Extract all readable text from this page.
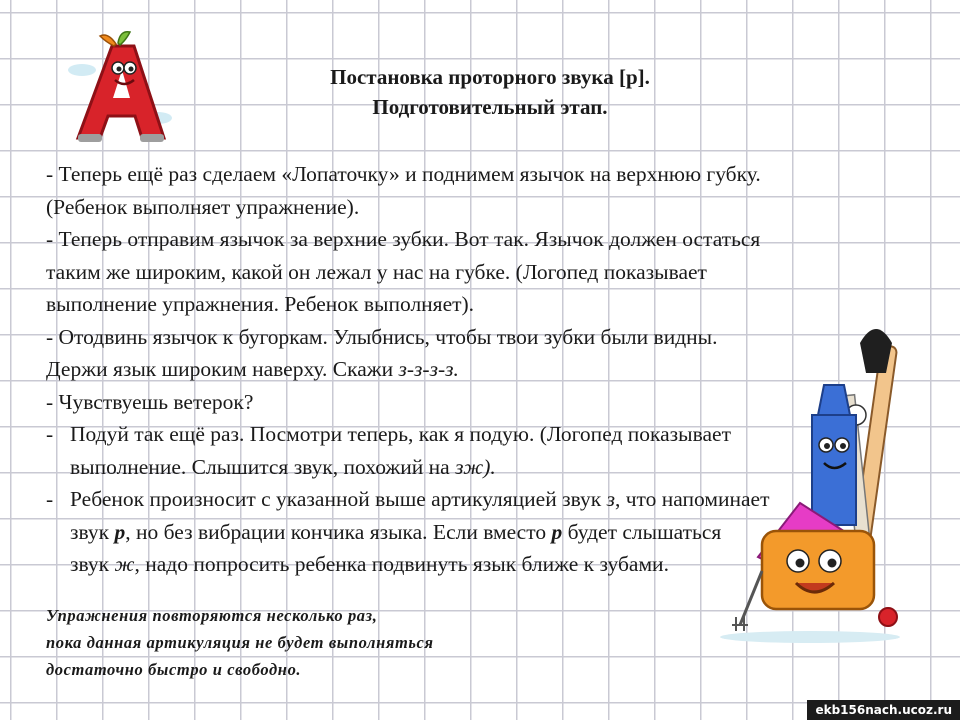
Постановка проторного звука [р].
Подготовительный этап.
- Теперь ещё раз сделаем «Лопаточку» и поднимем язычок на верхнюю губку.
(Ребенок выполняет упражнение).
- Теперь отправим язычок за верхние зубки. Вот так. Язычок должен остаться
таким же широким, какой он лежал у нас на губке. (Логопед показывает
выполнение упражнения. Ребенок выполняет).
- Отодвинь язычок к бугоркам. Улыбнись, чтобы твои зубки были видны.
Держи язык широким наверху. Скажи з-з-з-з.
- Чувствуешь ветерок?
- Подуй так ещё раз. Посмотри теперь, как я подую. (Логопед показывает
выполнение. Слышится звук, похожий на зж).
- Ребенок произносит с указанной выше артикуляцией звук з, что напоминает
звук р, но без вибрации кончика языка. Если вместо р будет слышаться
звук ж, надо попросить ребенка подвинуть язык ближе к зубами.
Упражнения повторяются несколько раз,
пока данная артикуляция не будет выполняться
достаточно быстро и свободно.
ekb156nach.ucoz.ru
